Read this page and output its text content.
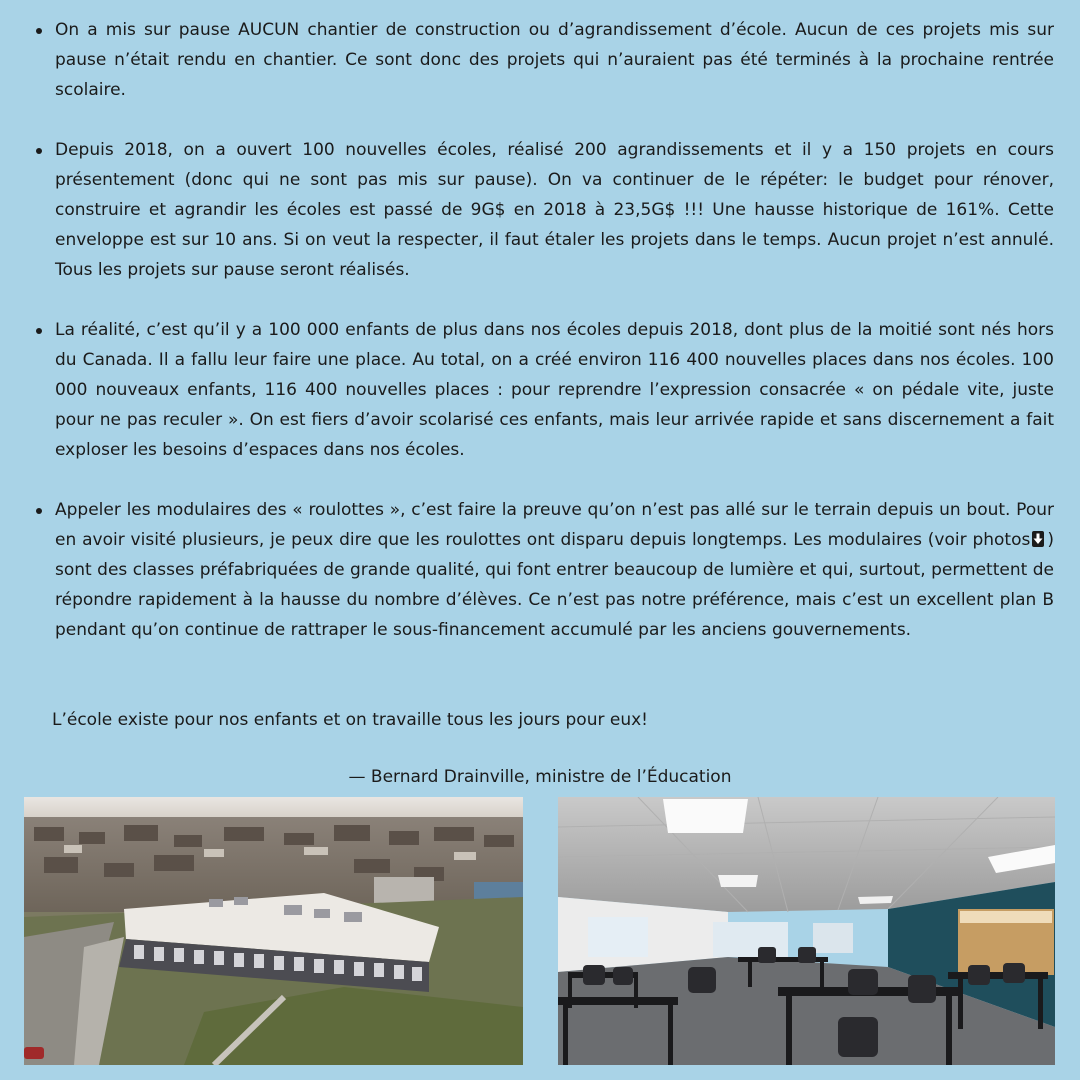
On a mis sur pause AUCUN chantier de construction ou d’agrandissement d’école. Aucun de ces projets mis sur pause n’était rendu en chantier. Ce sont donc des projets qui n’auraient pas été terminés à la prochaine rentrée scolaire.
Depuis 2018, on a ouvert 100 nouvelles écoles, réalisé 200 agrandissements et il y a 150 projets en cours présentement (donc qui ne sont pas mis sur pause). On va continuer de le répéter: le budget pour rénover, construire et agrandir les écoles est passé de 9G$ en 2018 à 23,5G$ !!! Une hausse historique de 161%. Cette enveloppe est sur 10 ans. Si on veut la respecter, il faut étaler les projets dans le temps. Aucun projet n’est annulé. Tous les projets sur pause seront réalisés.
La réalité, c’est qu’il y a 100 000 enfants de plus dans nos écoles depuis 2018, dont plus de la moitié sont nés hors du Canada. Il a fallu leur faire une place. Au total, on a créé environ 116 400 nouvelles places dans nos écoles. 100 000 nouveaux enfants, 116 400 nouvelles places : pour reprendre l’expression consacrée « on pédale vite, juste pour ne pas reculer ». On est fiers d’avoir scolarisé ces enfants, mais leur arrivée rapide et sans discernement a fait exploser les besoins d’espaces dans nos écoles.
Appeler les modulaires des « roulottes », c’est faire la preuve qu’on n’est pas allé sur le terrain depuis un bout. Pour en avoir visité plusieurs, je peux dire que les roulottes ont disparu depuis longtemps. Les modulaires (voir photos ) sont des classes préfabriquées de grande qualité, qui font entrer beaucoup de lumière et qui, surtout, permettent de répondre rapidement à la hausse du nombre d’élèves. Ce n’est pas notre préférence, mais c’est un excellent plan B pendant qu’on continue de rattraper le sous-financement accumulé par les anciens gouvernements.

L’école existe pour nos enfants et on travaille tous les jours pour eux!

— Bernard Drainville, ministre de l’Éducation
